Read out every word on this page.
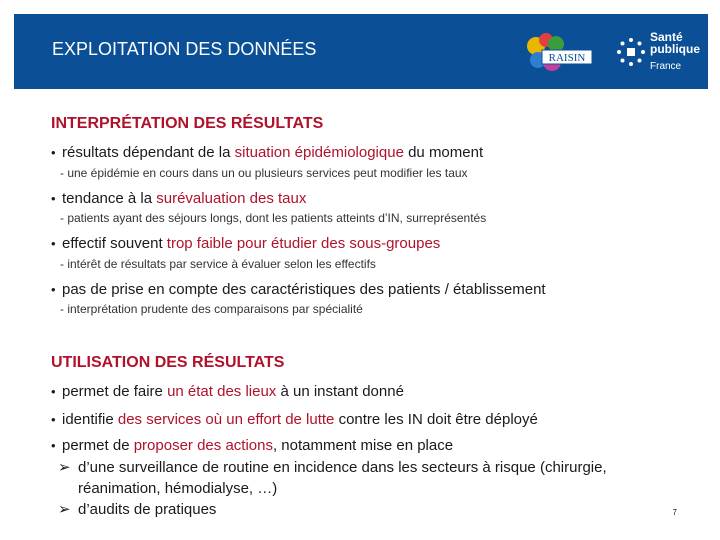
EXPLOITATION DES DONNÉES	RAISIN
Santé
publique
France
INTERPRÉTATION DES RÉSULTATS
• résultats dépendant de la situation épidémiologique du moment
- une épidémie en cours dans un ou plusieurs services peut modifier les taux
• tendance à la surévaluation des taux
- patients ayant des séjours longs, dont les patients atteints d’IN, surreprésentés
• effectif souvent trop faible pour étudier des sous-groupes
- intérêt de résultats par service à évaluer selon les effectifs
• pas de prise en compte des caractéristiques des patients / établissement
- interprétation prudente des comparaisons par spécialité
UTILISATION DES RÉSULTATS
• permet de faire un état des lieux à un instant donné
• identifie des services où un effort de lutte contre les IN doit être déployé
• permet de proposer des actions, notamment mise en place
➢ d’une surveillance de routine en incidence dans les secteurs à risque (chirurgie,
réanimation, hémodialyse, …)
➢ d’audits de pratiques	7
